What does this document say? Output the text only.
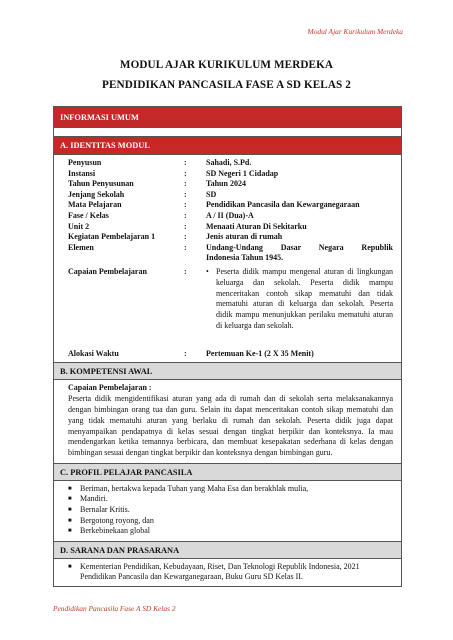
Modul Ajar Kurikulum Merdeka
MODUL AJAR KURIKULUM MERDEKA
PENDIDIKAN PANCASILA FASE A SD KELAS 2
INFORMASI UMUM
A. IDENTITAS MODUL
Penyusun	:	Sahadi, S.Pd.
Instansi	:	SD Negeri 1 Cidadap
Tahun Penyusunan	:	Tahun 2024
Jenjang Sekolah	:	SD
Mata Pelajaran	:	Pendidikan Pancasila dan Kewarganegaraan
Fase / Kelas	:	A / II (Dua)-A
Unit 2	:	Menaati Aturan Di Sekitarku
Kegiatan Pembelajaran 1	:	Jenis aturan di rumah
Elemen	:	Undang-Undang Dasar Negara Republik
Indonesia Tahun 1945.
Capaian Pembelajaran	:	• Peserta didik mampu mengenal aturan di lingkungan keluarga dan sekolah. Peserta didik mampu menceritakan contoh sikap mematuhi dan tidak mematuhi aturan di keluarga dan sekolah. Peserta didik mampu menunjukkan perilaku mematuhi aturan di keluarga dan sekolah.
Alokasi Waktu	:	Pertemuan Ke-1 (2 X 35 Menit)
B. KOMPETENSI AWAL
Capaian Pembelajaran :
Peserta didik mengidentifikasi aturan yang ada di rumah dan di sekolah serta melaksanakannya dengan bimbingan orang tua dan guru. Selain itu dapat menceritakan contoh sikap mematuhi dan yang tidak mematuhi aturan yang berlaku di rumah dan sekolah. Peserta didik juga dapat menyampaikan pendapatnya di kelas sesuai dengan tingkat berpikir dan konteksnya. Ia mau mendengarkan ketika temannya berbicara, dan membuat kesepakatan sederhana di kelas dengan bimbingan sesuai dengan tingkat berpikir dan konteksnya dengan bimbingan guru.
C. PROFIL PELAJAR PANCASILA
■	Beriman, bertakwa kepada Tuhan yang Maha Esa dan berakhlak mulia,
■	Mandiri.
■	Bernalar Kritis.
■	Bergotong royong, dan
■	Berkebinekaan global
D. SARANA DAN PRASARANA
■	Kementerian Pendidikan, Kebudayaan, Riset, Dan Teknologi Republik Indonesia, 2021 Pendidikan Pancasila dan Kewarganegaraan, Buku Guru SD Kelas II.
Pendidikan Pancasila Fase A SD Kelas 2
